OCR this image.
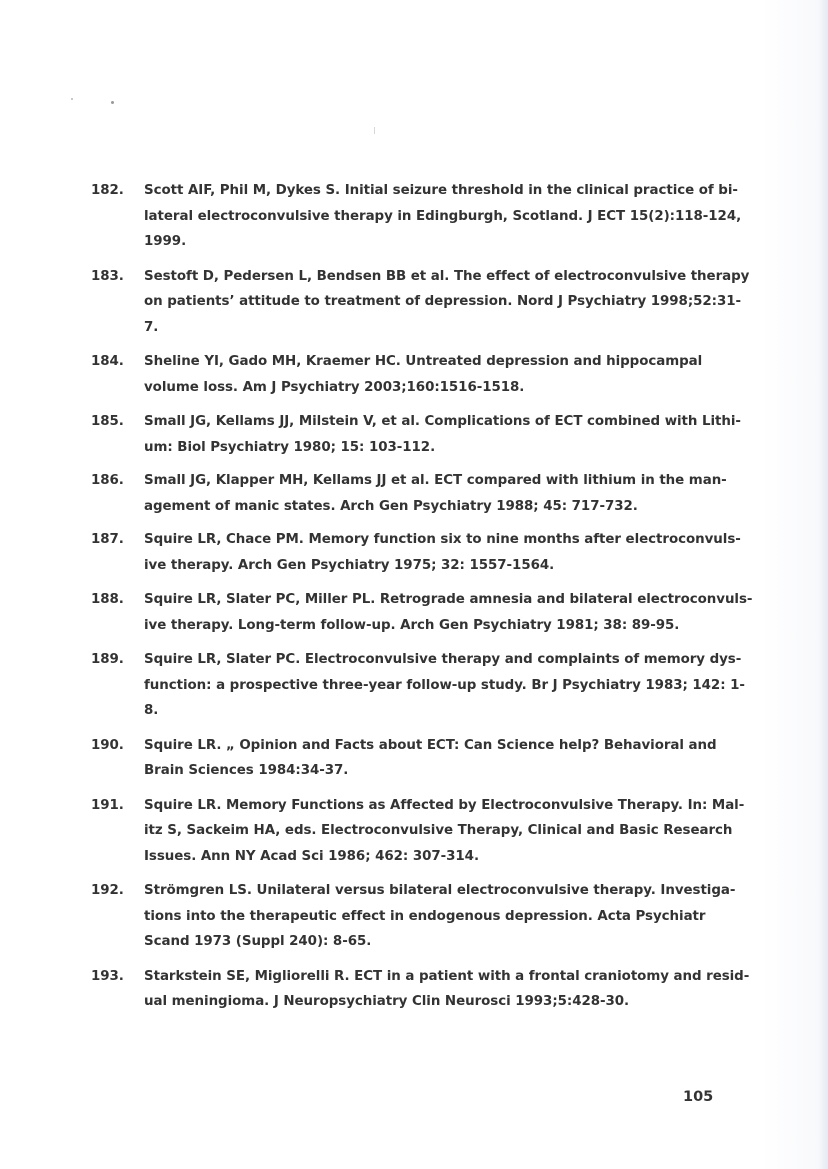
182. Scott AIF, Phil M, Dykes S. Initial seizure threshold in the clinical practice of bi-
lateral electroconvulsive therapy in Edingburgh, Scotland. J ECT 15(2):118-124,
1999.
183. Sestoft D, Pedersen L, Bendsen BB et al. The effect of electroconvulsive therapy
on patients’ attitude to treatment of depression. Nord J Psychiatry 1998;52:31-
7.
184. Sheline YI, Gado MH, Kraemer HC. Untreated depression and hippocampal
volume loss. Am J Psychiatry 2003;160:1516-1518.
185. Small JG, Kellams JJ, Milstein V, et al. Complications of ECT combined with Lithi-
um: Biol Psychiatry 1980; 15: 103-112.
186. Small JG, Klapper MH, Kellams JJ et al. ECT compared with lithium in the man-
agement of manic states. Arch Gen Psychiatry 1988; 45: 717-732.
187. Squire LR, Chace PM. Memory function six to nine months after electroconvuls-
ive therapy. Arch Gen Psychiatry 1975; 32: 1557-1564.
188. Squire LR, Slater PC, Miller PL. Retrograde amnesia and bilateral electroconvuls-
ive therapy. Long-term follow-up. Arch Gen Psychiatry 1981; 38: 89-95.
189. Squire LR, Slater PC. Electroconvulsive therapy and complaints of memory dys-
function: a prospective three-year follow-up study. Br J Psychiatry 1983; 142: 1-
8.
190. Squire LR. „ Opinion and Facts about ECT: Can Science help? Behavioral and
Brain Sciences 1984:34-37.
191. Squire LR. Memory Functions as Affected by Electroconvulsive Therapy. In: Mal-
itz S, Sackeim HA, eds. Electroconvulsive Therapy, Clinical and Basic Research
Issues. Ann NY Acad Sci 1986; 462: 307-314.
192. Strömgren LS. Unilateral versus bilateral electroconvulsive therapy. Investiga-
tions into the therapeutic effect in endogenous depression. Acta Psychiatr
Scand 1973 (Suppl 240): 8-65.
193. Starkstein SE, Migliorelli R. ECT in a patient with a frontal craniotomy and resid-
ual meningioma. J Neuropsychiatry Clin Neurosci 1993;5:428-30.
105
